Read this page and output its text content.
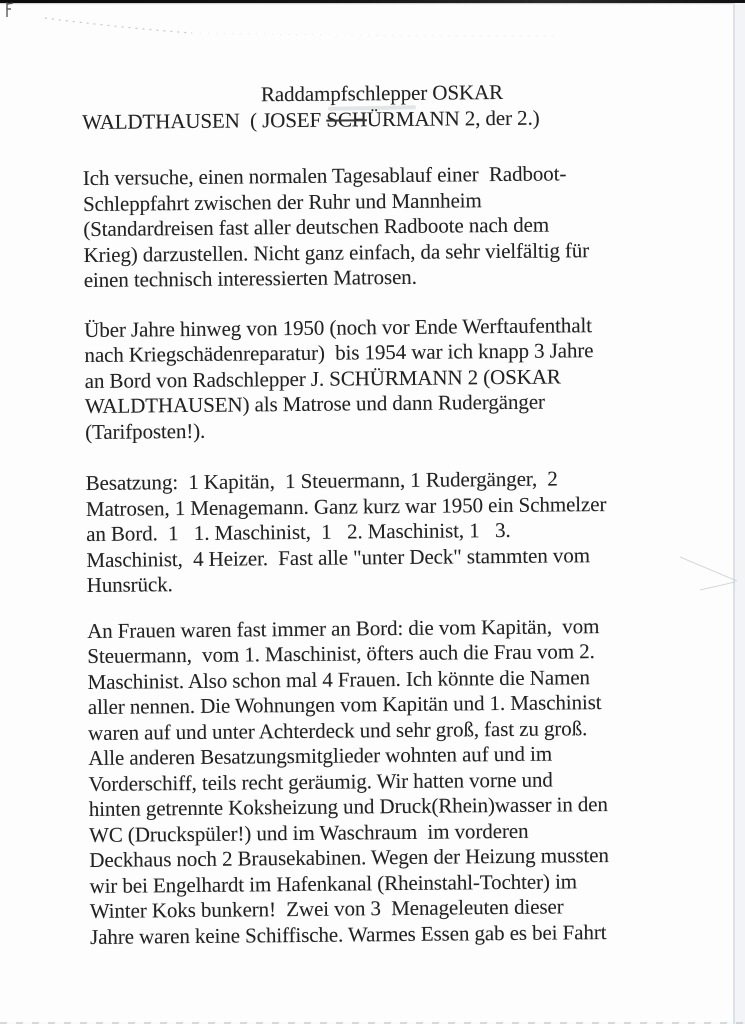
Raddampfschlepper OSKAR
WALDTHAUSEN  ( JOSEF SCHÜRMANN 2, der 2.)
Ich versuche, einen normalen Tagesablauf einer  Radboot-
Schleppfahrt zwischen der Ruhr und Mannheim
(Standardreisen fast aller deutschen Radboote nach dem
Krieg) darzustellen. Nicht ganz einfach, da sehr vielfältig für
einen technisch interessierten Matrosen.
Über Jahre hinweg von 1950 (noch vor Ende Werftaufenthalt
nach Kriegschädenreparatur)  bis 1954 war ich knapp 3 Jahre
an Bord von Radschlepper J. SCHÜRMANN 2 (OSKAR
WALDTHAUSEN) als Matrose und dann Rudergänger
(Tarifposten!).
Besatzung:  1 Kapitän,  1 Steuermann, 1 Rudergänger,  2
Matrosen, 1 Menagemann. Ganz kurz war 1950 ein Schmelzer
an Bord.  1   1. Maschinist,  1   2. Maschinist, 1   3.
Maschinist,  4 Heizer.  Fast alle "unter Deck" stammten vom
Hunsrück.
An Frauen waren fast immer an Bord: die vom Kapitän,  vom
Steuermann,  vom 1. Maschinist, öfters auch die Frau vom 2.
Maschinist. Also schon mal 4 Frauen. Ich könnte die Namen
aller nennen. Die Wohnungen vom Kapitän und 1. Maschinist
waren auf und unter Achterdeck und sehr groß, fast zu groß.
Alle anderen Besatzungsmitglieder wohnten auf und im
Vorderschiff, teils recht geräumig. Wir hatten vorne und
hinten getrennte Koksheizung und Druck(Rhein)wasser in den
WC (Druckspüler!) und im Waschraum  im vorderen
Deckhaus noch 2 Brausekabinen. Wegen der Heizung mussten
wir bei Engelhardt im Hafenkanal (Rheinstahl-Tochter) im
Winter Koks bunkern!  Zwei von 3  Menageleuten dieser
Jahre waren keine Schiffische. Warmes Essen gab es bei Fahrt
